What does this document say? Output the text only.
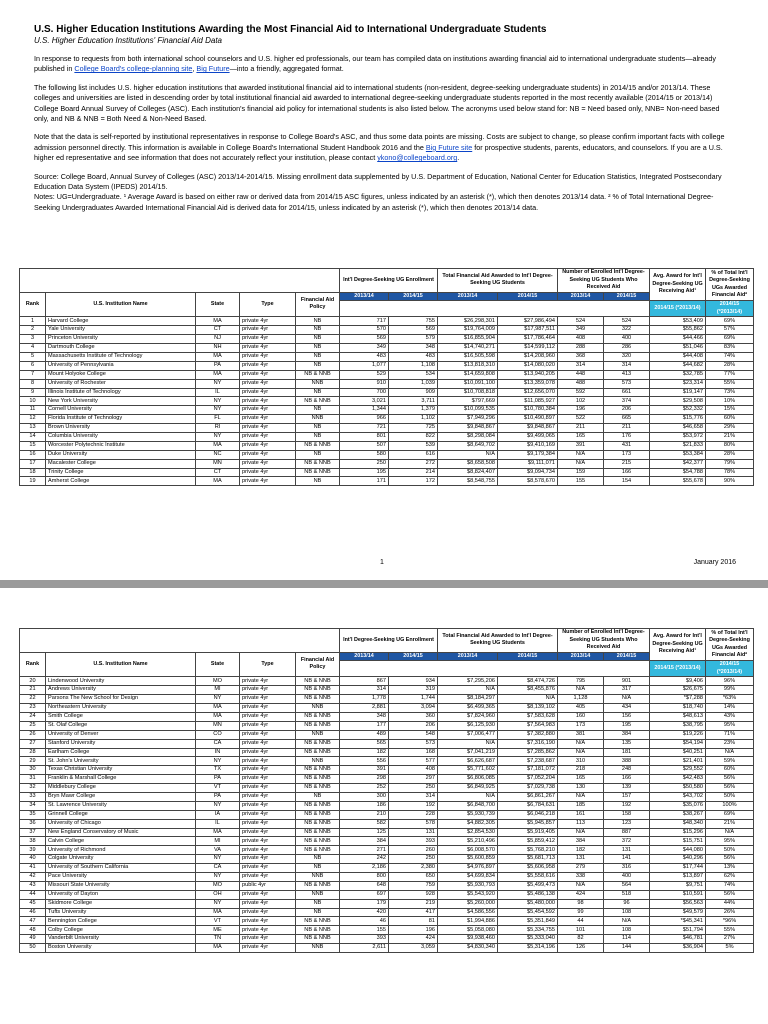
U.S. Higher Education Institutions Awarding the Most Financial Aid to International Undergraduate Students
U.S. Higher Education Institutions' Financial Aid Data

In response to requests from both international school counselors and U.S. higher ed professionals, our team has compiled data on institutions awarding financial aid to international undergraduate students—already published in College Board's college-planning site, Big Future—into a friendly, aggregated format.

The following list includes U.S. higher education institutions that awarded institutional financial aid to international students (non-resident, degree-seeking undergraduate students) in 2014/15 and/or 2013/14. These colleges and universities are listed in descending order by total institutional financial aid awarded to international degree-seeking undergraduate students reported in the most recently available (2014/15 or 2013/14) College Board Annual Survey of Colleges (ASC). Each institution's financial aid policy for international students is also listed below. The acronyms used below stand for: NB = Need based only, NNB= Non-need based only, and NB & NNB = Both Need & Non-Need Based.

Note that the data is self-reported by institutional representatives in response to College Board's ASC, and thus some data points are missing. Costs are subject to change, so please confirm important facts with college admission personnel directly. This information is available in College Board's International Student Handbook 2016 and the Big Future site for prospective students, parents, educators, and counselors. If you are a U.S. higher ed representative and see information that does not accurately reflect your institution, please contact ykono@collegeboard.org.

Source: College Board, Annual Survey of Colleges (ASC) 2013/14-2014/15. Missing enrollment data supplemented by U.S. Department of Education, National Center for Education Statistics, Integrated Postsecondary Education Data System (IPEDS) 2014/15.
Notes: UG=Undergraduate. ¹ Average Award is based on either raw or derived data from 2014/15 ASC figures, unless indicated by an asterisk (*), which then denotes 2013/14 data. ² % of Total International Degree-Seeking Undergraduates Awarded International Financial Aid is derived data for 2014/15, unless indicated by an asterisk (*), which then denotes 2013/14 data.
					Int'l Degree-Seeking UG Enrollment		Total Financial Aid Awarded to Int'l Degree-Seeking UG Students		Number of Enrolled Int'l Degree-Seeking UG Students Who Received Aid		Avg. Award for Int'l Degree-Seeking UG Receiving Aid¹	% of Total Int'l Degree-Seeking UGs Awarded Financial Aid²
Rank	U.S. Institution Name	State	Type	Financial Aid Policy	2013/14	2014/15	2013/14	2014/15	2013/14	2014/15		
											2014/15 (*2013/14)	2014/15 (*2013/14)
1	Harvard College	MA	private 4yr	NB	717	755	$26,298,301	$27,986,494	524	524	$53,409	69%
2	Yale University	CT	private 4yr	NB	570	569	$19,764,009	$17,987,511	349	322	$55,862	57%
3	Princeton University	NJ	private 4yr	NB	569	579	$16,855,904	$17,786,464	408	400	$44,466	69%
4	Dartmouth College	NH	private 4yr	NB	349	348	$14,740,271	$14,599,112	288	286	$51,046	83%
5	Massachusetts Institute of Technology	MA	private 4yr	NB	483	483	$16,505,598	$14,208,960	368	320	$44,408	74%
6	University of Pennsylvania	PA	private 4yr	NB	1,077	1,108	$13,818,310	$14,080,020	314	314	$44,682	28%
7	Mount Holyoke College	MA	private 4yr	NB & NNB	529	534	$14,659,808	$13,940,205	448	413	$32,785	77%
8	University of Rochester	NY	private 4yr	NNB	910	1,039	$10,091,100	$13,359,078	488	573	$23,314	55%
9	Illinois Institute of Technology	IL	private 4yr	NB	700	909	$10,708,818	$12,656,070	592	661	$19,147	73%
10	New York University	NY	private 4yr	NB & NNB	3,021	3,711	$797,669	$11,085,927	102	374	$29,508	10%
11	Cornell University	NY	private 4yr	NB	1,344	1,379	$10,099,535	$10,780,384	196	206	$52,332	15%
12	Florida Institute of Technology	FL	private 4yr	NNB	966	1,102	$7,949,296	$10,490,897	522	665	$15,776	60%
13	Brown University	RI	private 4yr	NB	721	725	$9,848,867	$9,848,867	211	211	$46,658	29%
14	Columbia University	NY	private 4yr	NB	801	822	$8,298,084	$9,499,065	165	176	$53,972	21%
15	Worcester Polytechnic Institute	MA	private 4yr	NB & NNB	507	539	$8,649,702	$9,410,169	391	431	$21,833	80%
16	Duke University	NC	private 4yr	NB	580	616	N/A	$9,179,384	N/A	173	$53,384	28%
17	Macalester College	MN	private 4yr	NB & NNB	250	272	$8,658,508	$9,111,071	N/A	215	$42,377	79%
18	Trinity College	CT	private 4yr	NB & NNB	195	214	$8,824,407	$9,094,734	159	166	$54,788	78%
19	Amherst College	MA	private 4yr	NB	171	172	$8,548,755	$8,578,670	155	154	$55,678	90%
1	January 2016
					Int'l Degree-Seeking UG Enrollment		Total Financial Aid Awarded to Int'l Degree-Seeking UG Students		Number of Enrolled Int'l Degree-Seeking UG Students Who Received Aid		Avg. Award for Int'l Degree-Seeking UG Receiving Aid¹	% of Total Int'l Degree-Seeking UGs Awarded Financial Aid²
Rank	U.S. Institution Name	State	Type	Financial Aid Policy	2013/14	2014/15	2013/14	2014/15	2013/14	2014/15		
											2014/15 (*2013/14)	2014/15 (*2013/14)
20	Lindenwood University	MO	private 4yr	NB & NNB	867	934	$7,295,206	$8,474,726	795	901	$9,406	96%
21	Andrews University	MI	private 4yr	NB & NNB	314	319	N/A	$8,455,876	N/A	317	$26,675	99%
22	Parsons The New School for Design	NY	private 4yr	NB & NNB	1,778	1,744	$8,184,297	N/A	1,128	N/A	*$7,288	*63%
23	Northeastern University	MA	private 4yr	NNB	2,881	3,094	$6,499,365	$8,139,102	405	434	$18,740	14%
24	Smith College	MA	private 4yr	NB & NNB	348	360	$7,824,960	$7,583,628	160	156	$48,613	43%
25	St. Olaf College	MN	private 4yr	NB & NNB	177	206	$6,125,930	$7,564,983	173	195	$38,795	95%
26	University of Denver	CO	private 4yr	NNB	489	548	$7,006,477	$7,382,880	381	384	$19,226	71%
27	Stanford University	CA	private 4yr	NB & NNB	565	573	N/A	$7,316,190	N/A	135	$54,194	23%
28	Earlham College	IN	private 4yr	NB & NNB	182	168	$7,041,219	$7,285,862	N/A	181	$40,251	N/A
29	St. John's University	NY	private 4yr	NNB	556	577	$6,626,687	$7,238,687	310	388	$21,401	59%
30	Texas Christian University	TX	private 4yr	NB & NNB	391	408	$5,771,602	$7,181,072	218	248	$29,552	60%
31	Franklin & Marshall College	PA	private 4yr	NB & NNB	298	297	$6,806,085	$7,052,204	165	166	$42,483	56%
32	Middlebury College	VT	private 4yr	NB & NNB	252	250	$6,849,925	$7,029,738	130	139	$50,580	56%
33	Bryn Mawr College	PA	private 4yr	NB	300	314	N/A	$6,861,267	N/A	157	$43,702	50%
34	St. Lawrence University	NY	private 4yr	NB & NNB	186	192	$6,848,700	$6,784,631	185	192	$35,076	100%
35	Grinnell College	IA	private 4yr	NB & NNB	210	228	$5,930,739	$6,046,218	161	158	$38,267	69%
36	University of Chicago	IL	private 4yr	NB & NNB	582	578	$4,882,305	$5,945,857	113	123	$48,340	21%
37	New England Conservatory of Music	MA	private 4yr	NB & NNB	125	131	$2,854,530	$5,919,405	N/A	887	$15,296	N/A
38	Calvin College	MI	private 4yr	NB & NNB	384	393	$5,210,496	$5,859,412	384	372	$15,751	95%
39	University of Richmond	VA	private 4yr	NB & NNB	271	260	$6,008,570	$5,768,210	182	131	$44,080	50%
40	Colgate University	NY	private 4yr	NB	242	250	$5,600,859	$5,681,713	131	141	$40,296	56%
41	University of Southern California	CA	private 4yr	NB	2,186	2,380	$4,976,897	$5,606,958	279	316	$17,744	13%
42	Pace University	NY	private 4yr	NNB	800	650	$4,699,834	$5,558,616	338	400	$13,897	62%
43	Missouri State University	MO	public 4yr	NB & NNB	648	759	$5,930,793	$5,499,473	N/A	564	$9,751	74%
44	University of Dayton	OH	private 4yr	NNB	697	928	$5,543,920	$5,486,138	424	518	$10,591	56%
45	Skidmore College	NY	private 4yr	NB	179	219	$5,260,000	$5,480,000	98	96	$56,563	44%
46	Tufts University	MA	private 4yr	NB	420	417	$4,586,556	$5,454,592	99	108	$49,579	26%
47	Bennington College	VT	private 4yr	NB & NNB	46	81	$1,994,886	$5,351,849	44	N/A	*$45,341	*96%
48	Colby College	ME	private 4yr	NB & NNB	155	196	$5,058,080	$5,334,755	101	108	$51,794	55%
49	Vanderbilt University	TN	private 4yr	NB & NNB	393	424	$9,938,460	$5,333,040	82	114	$46,781	27%
50	Boston University	MA	private 4yr	NNB	2,611	3,059	$4,830,340	$5,314,196	126	144	$36,904	5%
